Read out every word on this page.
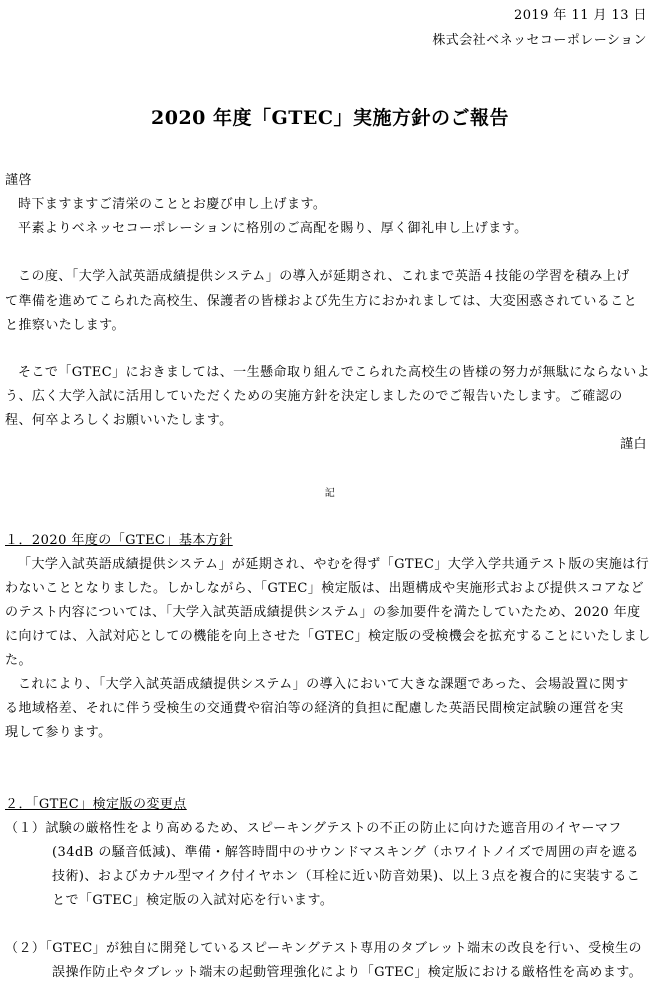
2019 年 11 月 13 日
株式会社ベネッセコーポレーション
2020 年度「GTEC」実施方針のご報告
謹啓
時下ますますご清栄のこととお慶び申し上げます。
平素よりベネッセコーポレーションに格別のご高配を賜り、厚く御礼申し上げます。
この度、「大学入試英語成績提供システム」の導入が延期され、これまで英語４技能の学習を積み上げ
て準備を進めてこられた高校生、保護者の皆様および先生方におかれましては、大変困惑されていること
と推察いたします。
そこで「GTEC」におきましては、一生懸命取り組んでこられた高校生の皆様の努力が無駄にならないよ
う、広く大学入試に活用していただくための実施方針を決定しましたのでご報告いたします。ご確認の
程、何卒よろしくお願いいたします。
謹白
記
１．2020 年度の「GTEC」基本方針
「大学入試英語成績提供システム」が延期され、やむを得ず「GTEC」大学入学共通テスト版の実施は行
わないこととなりました。しかしながら、「GTEC」検定版は、出題構成や実施形式および提供スコアなど
のテスト内容については、「大学入試英語成績提供システム」の参加要件を満たしていたため、2020 年度
に向けては、入試対応としての機能を向上させた「GTEC」検定版の受検機会を拡充することにいたしまし
た。
これにより、「大学入試英語成績提供システム」の導入において大きな課題であった、会場設置に関す
る地域格差、それに伴う受検生の交通費や宿泊等の経済的負担に配慮した英語民間検定試験の運営を実
現して参ります。
２．「GTEC」検定版の変更点
（１）試験の厳格性をより高めるため、スピーキングテストの不正の防止に向けた遮音用のイヤーマフ
(34dB の騒音低減)、準備・解答時間中のサウンドマスキング（ホワイトノイズで周囲の声を遮る
技術)、およびカナル型マイク付イヤホン（耳栓に近い防音効果)、以上３点を複合的に実装するこ
とで「GTEC」検定版の入試対応を行います。
（２）「GTEC」が独自に開発しているスピーキングテスト専用のタブレット端末の改良を行い、受検生の
誤操作防止やタブレット端末の起動管理強化により「GTEC」検定版における厳格性を高めます。
